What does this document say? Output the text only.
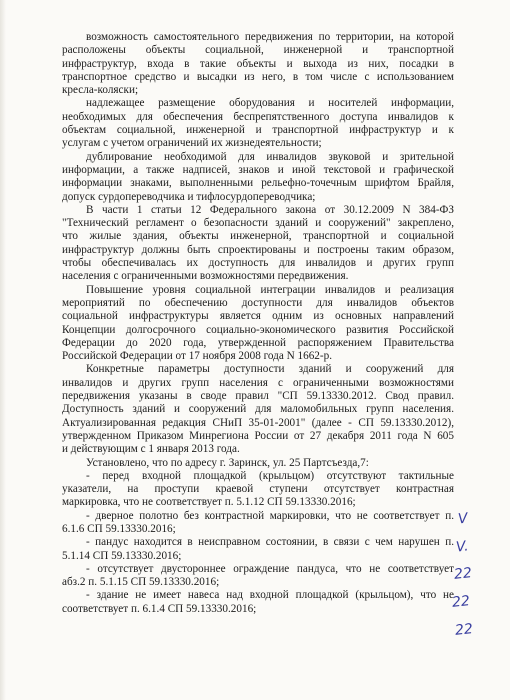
возможность самостоятельного передвижения по территории, на которой
расположены объекты социальной, инженерной и транспортной
инфраструктур, входа в такие объекты и выхода из них, посадки в
транспортное средство и высадки из него, в том числе с использованием
кресла-коляски;
надлежащее размещение оборудования и носителей информации,
необходимых для обеспечения беспрепятственного доступа инвалидов к
объектам социальной, инженерной и транспортной инфраструктур и к
услугам с учетом ограничений их жизнедеятельности;
дублирование необходимой для инвалидов звуковой и зрительной
информации, а также надписей, знаков и иной текстовой и графической
информации знаками, выполненными рельефно-точечным шрифтом Брайля,
допуск сурдопереводчика и тифлосурдопереводчика;
В части 1 статьи 12 Федерального закона от 30.12.2009 N 384-ФЗ
"Технический регламент о безопасности зданий и сооружений" закреплено,
что жилые здания, объекты инженерной, транспортной и социальной
инфраструктур должны быть спроектированы и построены таким образом,
чтобы обеспечивалась их доступность для инвалидов и других групп
населения с ограниченными возможностями передвижения.
Повышение уровня социальной интеграции инвалидов и реализация
мероприятий по обеспечению доступности для инвалидов объектов
социальной инфраструктуры является одним из основных направлений
Концепции долгосрочного социально-экономического развития Российской
Федерации до 2020 года, утвержденной распоряжением Правительства
Российской Федерации от 17 ноября 2008 года N 1662-р.
Конкретные параметры доступности зданий и сооружений для
инвалидов и других групп населения с ограниченными возможностями
передвижения указаны в своде правил "СП 59.13330.2012. Свод правил.
Доступность зданий и сооружений для маломобильных групп населения.
Актуализированная редакция СНиП 35-01-2001" (далее - СП 59.13330.2012),
утвержденном Приказом Минрегиона России от 27 декабря 2011 года N 605
и действующим с 1 января 2013 года.
Установлено, что по адресу г. Заринск, ул. 25 Партсъезда,7:
- перед входной площадкой (крыльцом) отсутствуют тактильные
указатели, на проступи краевой ступени отсутствует контрастная
маркировка, что не соответствует п. 5.1.12 СП 59.13330.2016;
- дверное полотно без контрастной маркировки, что не соответствует п.
6.1.6 СП 59.13330.2016;
- пандус находится в неисправном состоянии, в связи с чем нарушен п.
5.1.14 СП 59.13330.2016;
- отсутствует двустороннее ограждение пандуса, что не соответствует
абз.2 п. 5.1.15 СП 59.13330.2016;
- здание не имеет навеса над входной площадкой (крыльцом), что не
соответствует п. 6.1.4 СП 59.13330.2016;
V
V.
22
22
22
